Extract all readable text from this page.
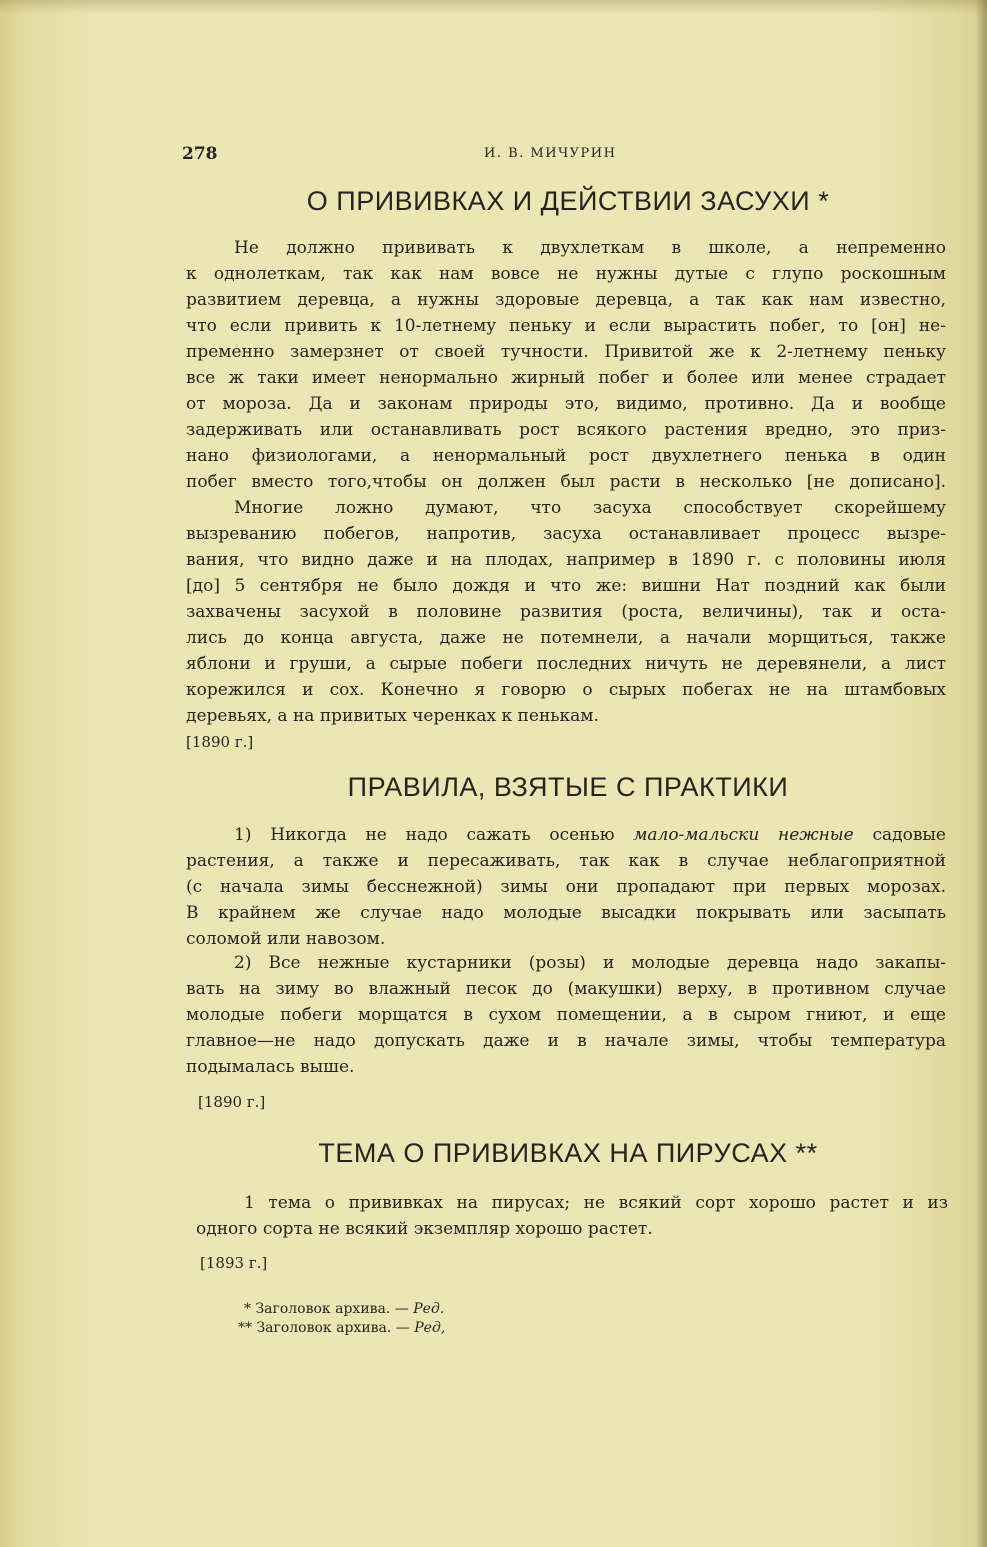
278	И. В. МИЧУРИН
О ПРИВИВКАХ И ДЕЙСТВИИ ЗАСУХИ *
Не должно прививать к двухлеткам в школе, а непременно
к однолеткам, так как нам вовсе не нужны дутые с глупо роскошным
развитием деревца, а нужны здоровые деревца, а так как нам известно,
что если привить к 10-летнему пеньку и если вырастить побег, то [он] не-
пременно замерзнет от своей тучности. Привитой же к 2-летнему пеньку
все ж таки имеет ненормально жирный побег и более или менее страдает
от мороза. Да и законам природы это, видимо, противно. Да и вообще
задерживать или останавливать рост всякого растения вредно, это приз-
нано физиологами, а ненормальный рост двухлетнего пенька в один
побег вместо того,чтобы он должен был расти в несколько [не дописано].
Многие ложно думают, что засуха способствует скорейшему
вызреванию побегов, напротив, засуха останавливает процесс вызре-
вания, что видно даже и на плодах, например в 1890 г. с половины июля
[до] 5 сентября не было дождя и что же: вишни Нат поздний как были
захвачены засухой в половине развития (роста, величины), так и оста-
лись до конца августа, даже не потемнели, а начали морщиться, также
яблони и груши, а сырые побеги последних ничуть не деревянели, а лист
корежился и сох. Конечно я говорю о сырых побегах не на штамбовых
деревьях, а на привитых черенках к пенькам.
[1890 г.]
ПРАВИЛА, ВЗЯТЫЕ С ПРАКТИКИ
1) Никогда не надо сажать осенью мало-мальски нежные садовые
растения, а также и пересаживать, так как в случае неблагоприятной
(с начала зимы бесснежной) зимы они пропадают при первых морозах.
В крайнем же случае надо молодые высадки покрывать или засыпать
соломой или навозом.
2) Все нежные кустарники (розы) и молодые деревца надо закапы-
вать на зиму во влажный песок до (макушки) верху, в противном случае
молодые побеги морщатся в сухом помещении, а в сыром гниют, и еще
главное—не надо допускать даже и в начале зимы, чтобы температура
подымалась выше.
[1890 г.]
ТЕМА О ПРИВИВКАХ НА ПИРУСАХ **
1 тема о прививках на пирусах; не всякий сорт хорошо растет и из
одного сорта не всякий экземпляр хорошо растет.
[1893 г.]
* Заголовок архива. — Ред.
** Заголовок архива. — Ред,
